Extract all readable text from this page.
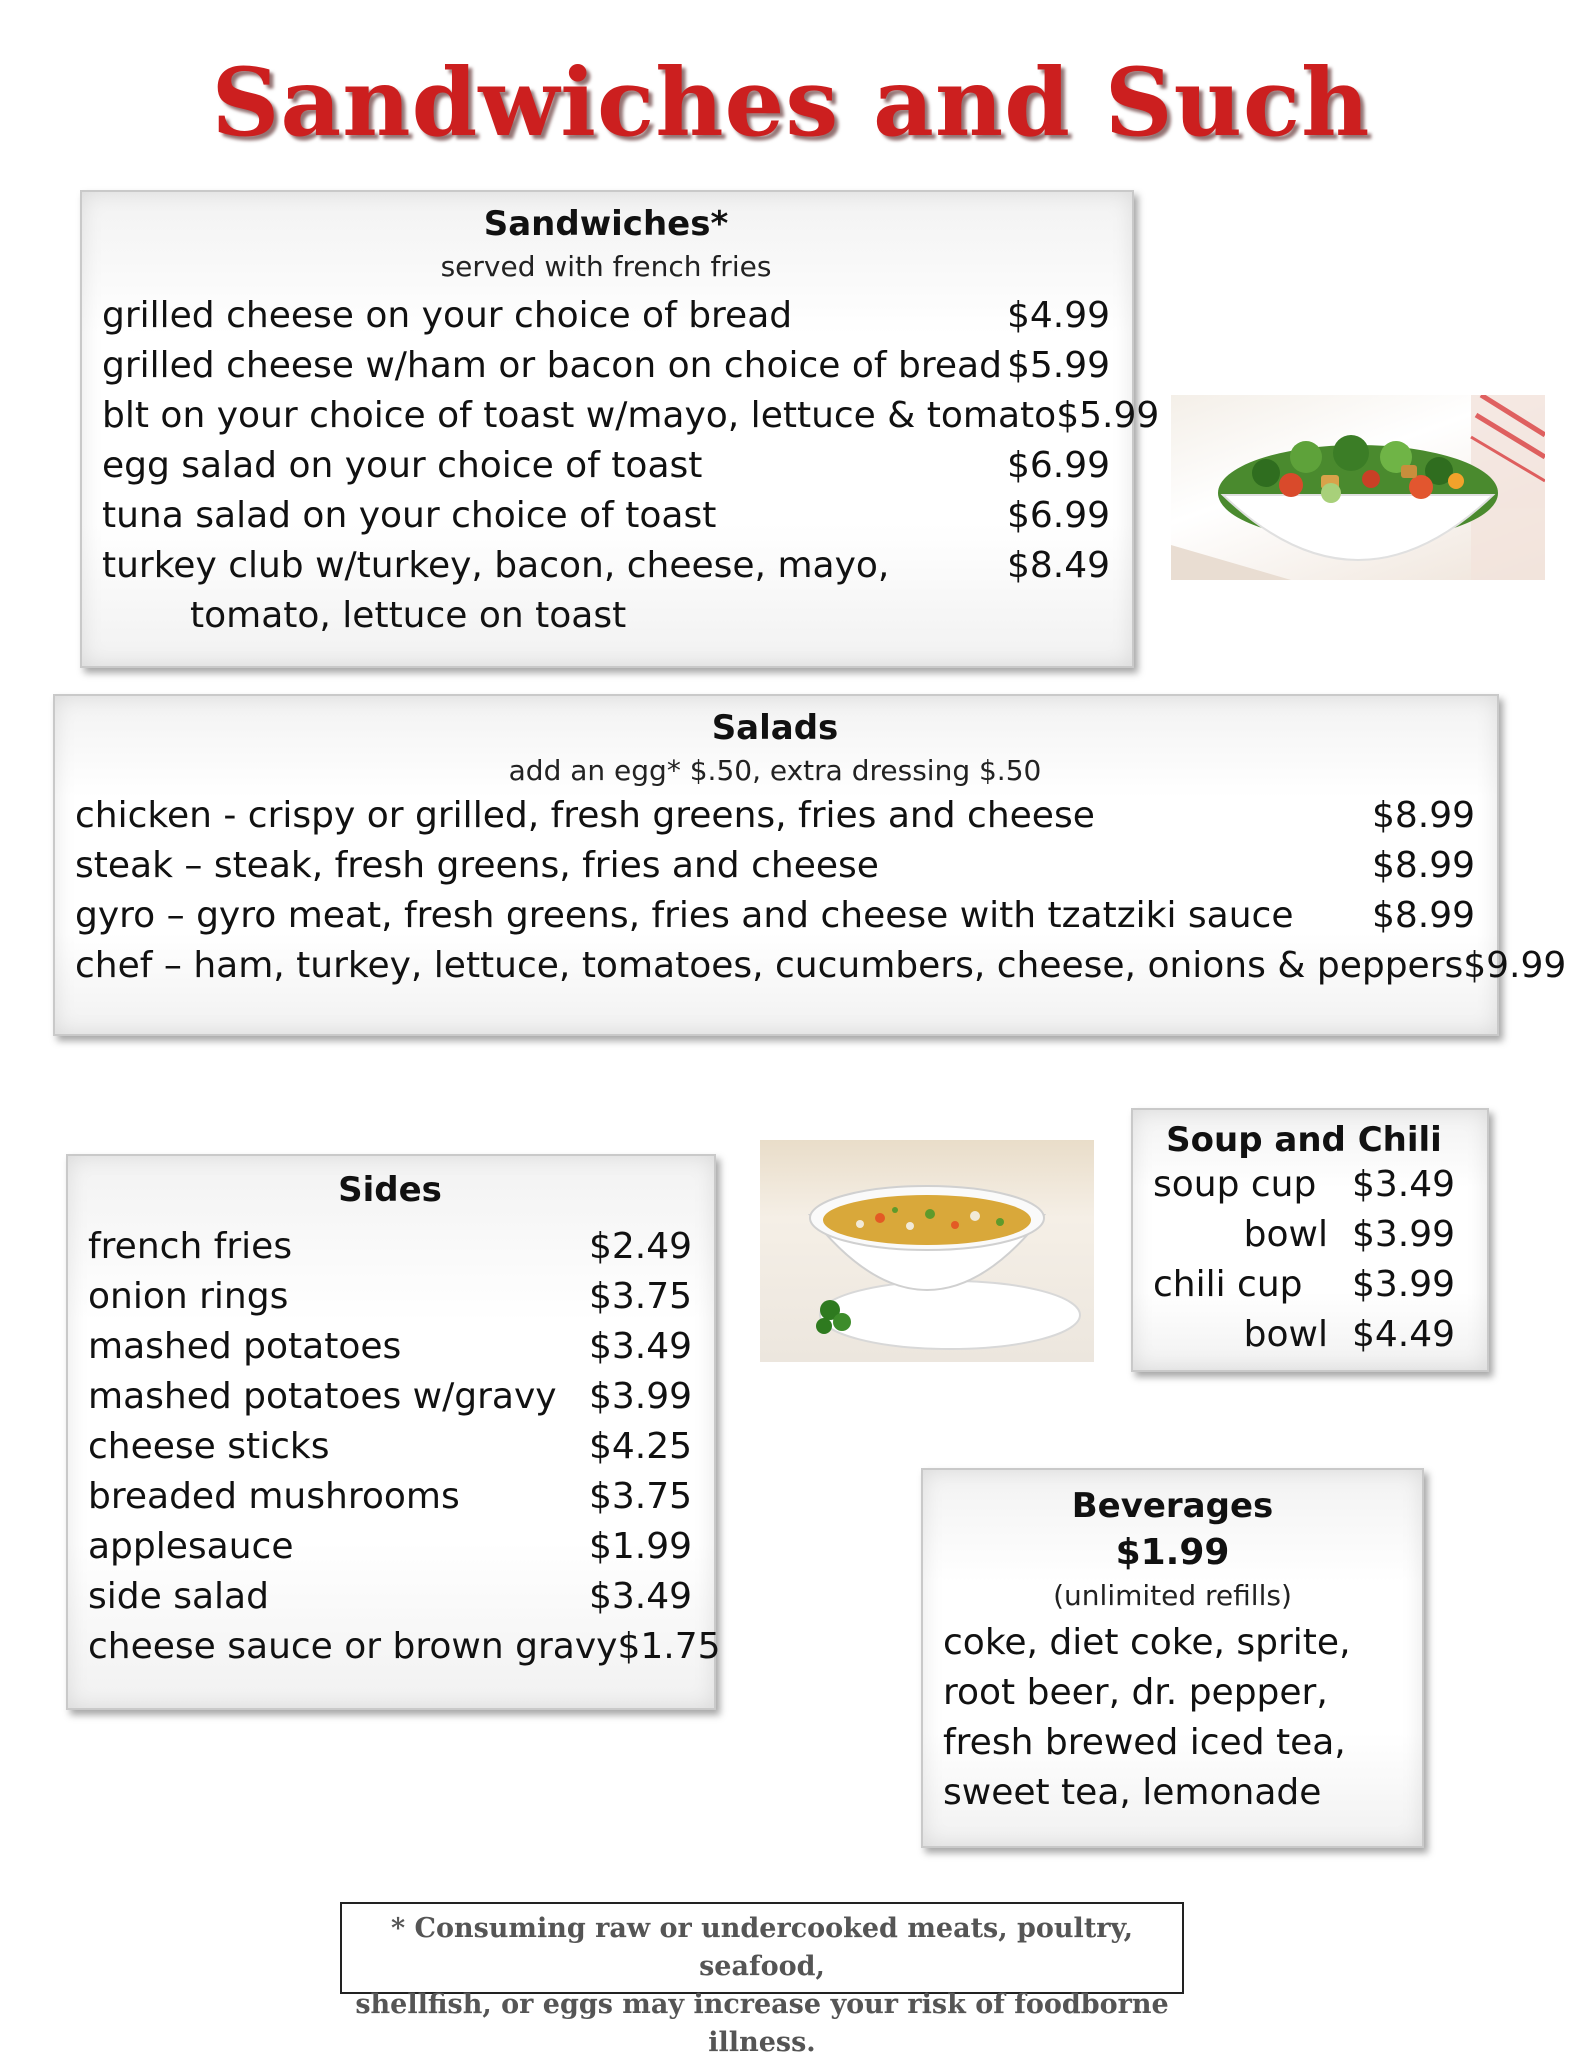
Sandwiches and Such
Sandwiches*
served with french fries
grilled cheese on your choice of bread	$4.99
grilled cheese w/ham or bacon on choice of bread $5.99
blt on your choice of toast w/mayo, lettuce & tomato $5.99
egg salad on your choice of toast	$6.99
tuna salad on your choice of toast	$6.99
turkey club w/turkey, bacon, cheese, mayo,	$8.49
tomato, lettuce on toast
Salads
add an egg* $.50, extra dressing $.50
chicken - crispy or grilled, fresh greens, fries and cheese	$8.99
steak – steak, fresh greens, fries and cheese	$8.99
gyro – gyro meat, fresh greens, fries and cheese with tzatziki sauce	$8.99
chef – ham, turkey, lettuce, tomatoes, cucumbers, cheese, onions & peppers $9.99
Sides
french fries	$2.49
onion rings	$3.75
mashed potatoes	$3.49
mashed potatoes w/gravy $3.99
cheese sticks	$4.25
breaded mushrooms	$3.75
applesauce	$1.99
side salad	$3.49
cheese sauce or brown gravy $1.75
Soup and Chili
soup cup $3.49
bowl $3.99
chili cup	$3.99
bowl $4.49
Beverages
$1.99
(unlimited refills)
coke, diet coke, sprite,
root beer, dr. pepper,
fresh brewed iced tea,
sweet tea, lemonade
* Consuming raw or undercooked meats, poultry, seafood,
shellfish, or eggs may increase your risk of foodborne illness.
